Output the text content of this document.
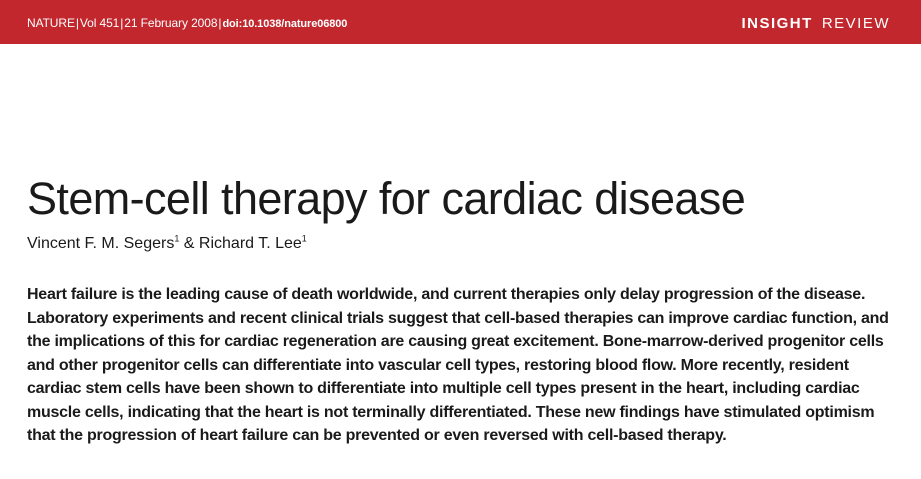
NATURE|Vol 451|21 February 2008|doi:10.1038/nature06800	INSIGHT REVIEW
Stem-cell therapy for cardiac disease
Vincent F. M. Segers$^1$ & Richard T. Lee$^1$

Heart failure is the leading cause of death worldwide, and current therapies only delay progression of the disease. Laboratory experiments and recent clinical trials suggest that cell-based therapies can improve cardiac function, and the implications of this for cardiac regeneration are causing great excitement. Bone-marrow-derived progenitor cells and other progenitor cells can differentiate into vascular cell types, restoring blood flow. More recently, resident cardiac stem cells have been shown to differentiate into multiple cell types present in the heart, including cardiac muscle cells, indicating that the heart is not terminally differentiated. These new findings have stimulated optimism that the progression of heart failure can be prevented or even reversed with cell-based therapy.
